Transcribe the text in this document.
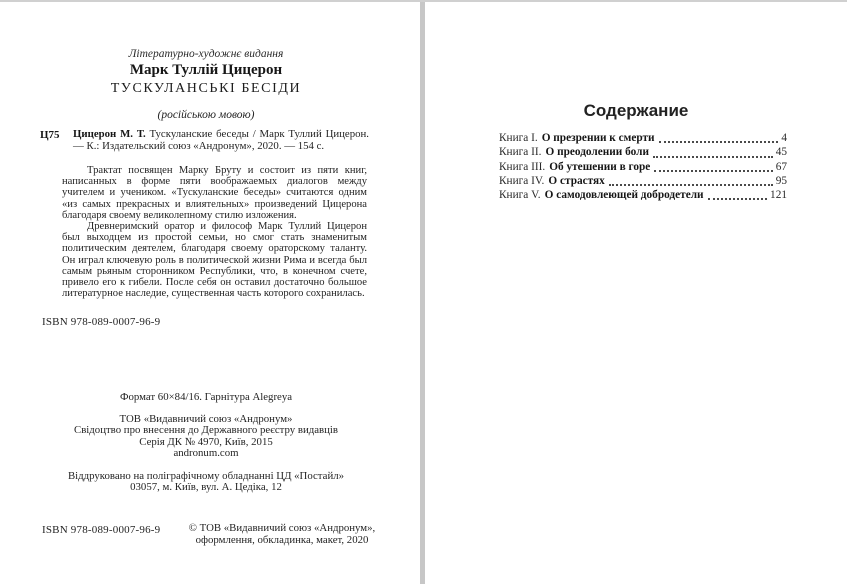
Літературно-художнє видання
Марк Туллій Цицерон
ТУСКУЛАНСЬКІ БЕСІДИ
(російською мовою)
Ц75 Цицерон М. Т. Тускуланские беседы / Марк Туллий Цицерон. — К.: Издательский союз «Андронум», 2020. — 154 с.

Трактат посвящен Марку Бруту и состоит из пяти книг, написанных в форме пяти воображаемых диалогов между учителем и учеником. «Тускуланские беседы» считаются одним «из самых прекрасных и влиятельных» произведений Цицерона благодаря своему великолепному стилю изложения.

Древнеримский оратор и философ Марк Туллий Цицерон был выходцем из простой семьи, но смог стать знаменитым политическим деятелем, благодаря своему ораторскому таланту. Он играл ключевую роль в политической жизни Рима и всегда был самым рьяным сторонником Республики, что, в конечном счете, привело его к гибели. После себя он оставил достаточно большое литературное наследие, существенная часть которого сохранилась.

ISBN 978-089-0007-96-9
Формат 60×84/16. Гарнітура Alegreya
ТОВ «Видавничий союз «Андронум»
Свідоцтво про внесення до Державного реєстру видавців
Серія ДК № 4970, Київ, 2015
andronum.com
Віддруковано на поліграфічному обладнанні ЦД «Постайл»
03057, м. Київ, вул. А. Цедіка, 12
ISBN 978-089-0007-96-9	© ТОВ «Видавничий союз «Андронум»,
оформлення, обкладинка, макет, 2020
Содержание
Книга I. О презрении к смерти	4
Книга II. О преодолении боли	45
Книга III. Об утешении в горе	67
Книга IV. О страстях	95
Книга V. О самодовлеющей добродетели	121
